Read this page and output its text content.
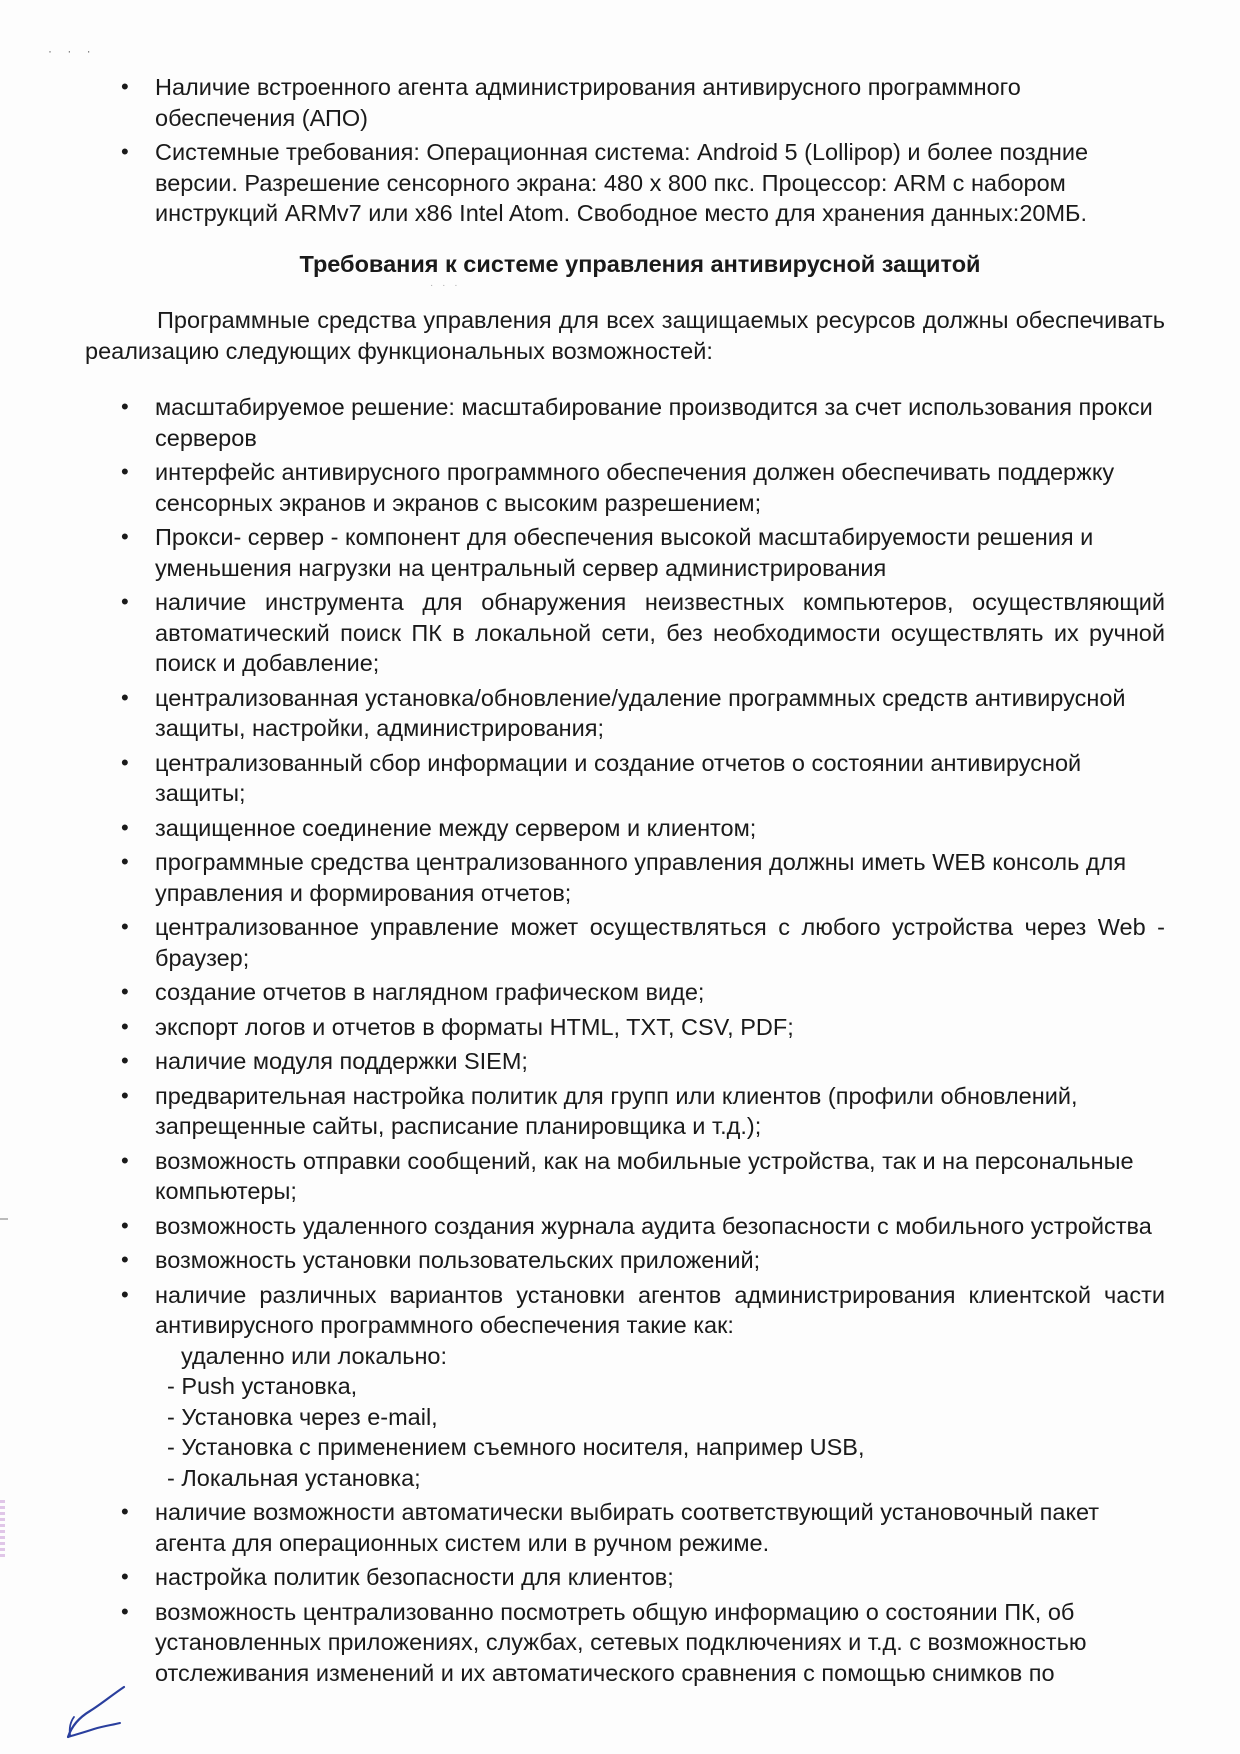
· · ·
· · ·
• Наличие встроенного агента администрирования антивирусного программного обеспечения (АПО)
• Системные требования: Операционная система: Android 5 (Lollipop) и более поздние версии. Разрешение сенсорного экрана: 480 х 800 пкс. Процессор: ARM с набором инструкций ARMv7 или x86 Intel Atom. Свободное место для хранения данных:20МБ.
Требования к системе управления антивирусной защитой

Программные средства управления для всех защищаемых ресурсов должны обеспечивать реализацию следующих функциональных возможностей:

• масштабируемое решение: масштабирование производится за счет использования прокси серверов
• интерфейс антивирусного программного обеспечения должен обеспечивать поддержку сенсорных экранов и экранов с высоким разрешением;
• Прокси- сервер - компонент для обеспечения высокой масштабируемости решения и уменьшения нагрузки на центральный сервер администрирования
• наличие инструмента для обнаружения неизвестных компьютеров, осуществляющий автоматический поиск ПК в локальной сети, без необходимости осуществлять их ручной поиск и добавление;
• централизованная установка/обновление/удаление программных средств антивирусной защиты, настройки, администрирования;
• централизованный сбор информации и создание отчетов о состоянии антивирусной защиты;
• защищенное соединение между сервером и клиентом;
• программные средства централизованного управления должны иметь WEB консоль для управления и формирования отчетов;
• централизованное управление может осуществляться с любого устройства через Web - браузер;
• создание отчетов в наглядном графическом виде;
• экспорт логов и отчетов в форматы HTML, TXT, CSV, PDF;
• наличие модуля поддержки SIEM;
• предварительная настройка политик для групп или клиентов (профили обновлений, запрещенные сайты, расписание планировщика и т.д.);
• возможность отправки сообщений, как на мобильные устройства, так и на персональные компьютеры;
• возможность удаленного создания журнала аудита безопасности с мобильного устройства
• возможность установки пользовательских приложений;
• наличие различных вариантов установки агентов администрирования клиентской части антивирусного программного обеспечения такие как:
удаленно или локально:
- Push установка,
- Установка через e-mail,
- Установка с применением съемного носителя, например USB,
- Локальная установка;
• наличие возможности автоматически выбирать соответствующий установочный пакет агента для операционных систем или в ручном режиме.
• настройка политик безопасности для клиентов;
• возможность централизованно посмотреть общую информацию о состоянии ПК, об установленных приложениях, службах, сетевых подключениях и т.д. с возможностью отслеживания изменений и их автоматического сравнения с помощью снимков по
